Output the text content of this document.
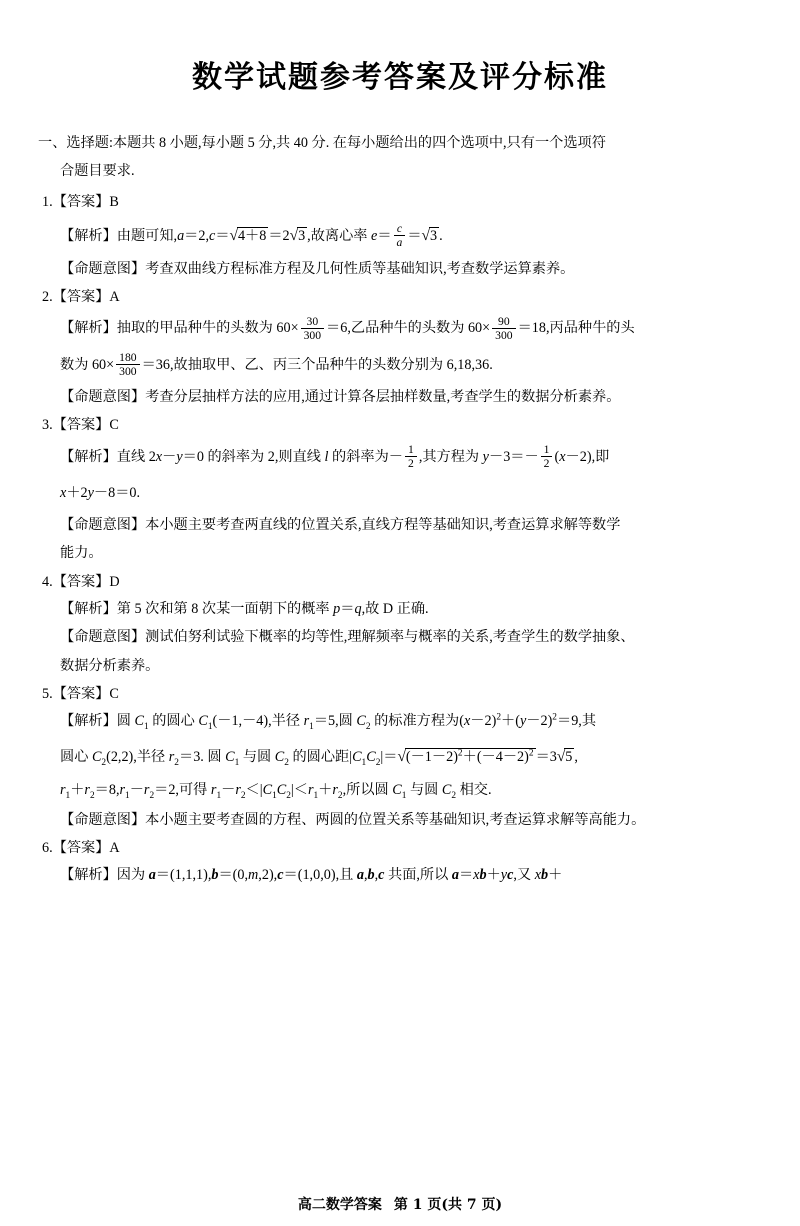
数学试题参考答案及评分标准
一、选择题:本题共 8 小题,每小题 5 分,共 40 分. 在每小题给出的四个选项中,只有一个选项符
合题目要求.
1.【答案】B
【解析】由题可知,a＝2,c＝√4＋8 ＝2√3 ,故离心率 $e= \frac{c}{a} =√3$ .
【命题意图】考查双曲线方程标准方程及几何性质等基础知识,考查数学运算素养。
2.【答案】A
【解析】抽取的甲品种牛的头数为 $60\times \frac{30}{300} =6$,乙品种牛的头数为 $60\times \frac{90}{300} =18$,丙品种牛的头
数为 $60\times \frac{180}{300} =36$,故抽取甲、乙、丙三个品种牛的头数分别为 6,18,36.
【命题意图】考查分层抽样方法的应用,通过计算各层抽样数量,考查学生的数据分析素养。
3.【答案】C
【解析】直线 2x－y＝0 的斜率为 2,则直线 l 的斜率为－ $\frac{1}{2}$ ,其方程为 $y-3=- \frac{1}{2} (x-2)$,即
x＋2y－8＝0.
【命题意图】本小题主要考查两直线的位置关系,直线方程等基础知识,考查运算求解等数学
能力。
4.【答案】D
【解析】第 5 次和第 8 次某一面朝下的概率 p＝q,故 D 正确.
【命题意图】测试伯努利试验下概率的均等性,理解频率与概率的关系,考查学生的数学抽象、
数据分析素养。
5.【答案】C
【解析】圆 $C_1$ 的圆心 $C_1(-1,-4)$,半径 $r_1=5$,圆 $C_2$ 的标准方程为$(x-2)^2+(y-2)^2=9$,其
圆心 $C_2(2,2)$,半径 $r_2=3$. 圆 $C_1$ 与圆 $C_2$ 的圆心距$|C_1C_2|=√(-1-2)^2+(-4-2)^2 =3√5$ ,
$r_1+r_2=8,r_1-r_2=2$,可得 $r_1-r_2<|C_1C_2|<r_1+r_2$,所以圆 $C_1$ 与圆 $C_2$ 相交.
【命题意图】本小题主要考查圆的方程、两圆的位置关系等基础知识,考查运算求解等高能力。
6.【答案】A
【解析】因为 a＝(1,1,1),b＝(0,m,2),c＝(1,0,0),且 a,b,c 共面,所以 a＝xb＋yc,又 xb＋
高二数学答案 第 1 页(共 7 页)
